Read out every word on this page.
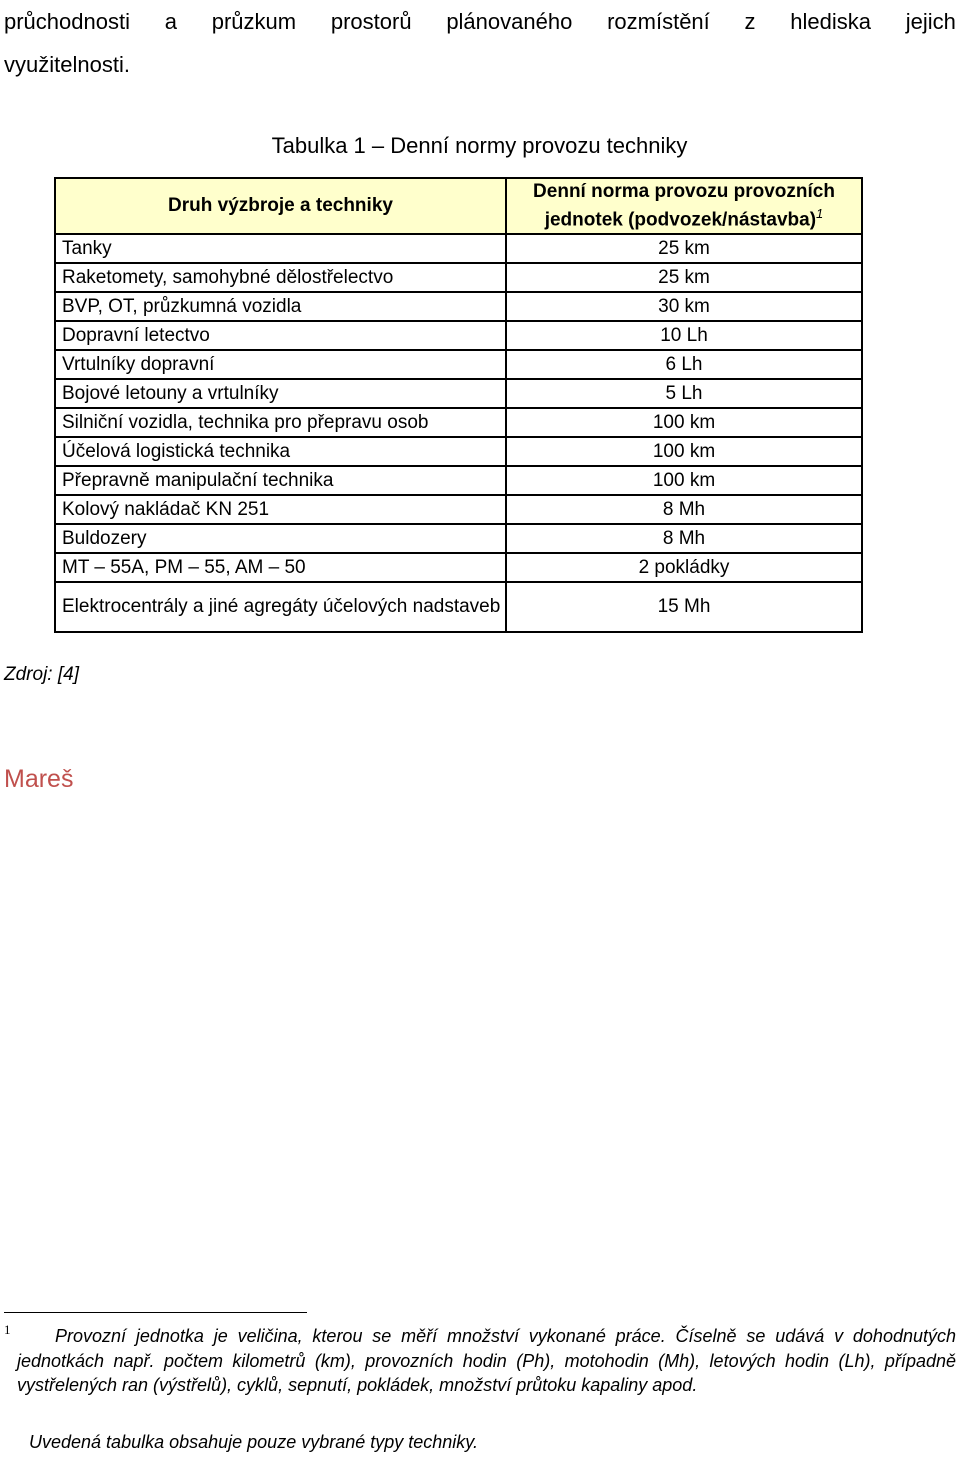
průchodnosti a průzkum prostorů plánovaného rozmístění z hlediska jejich
využitelnosti.
Tabulka 1 – Denní normy provozu techniky
Druh výzbroje a techniky	Denní norma provozu provozních jednotek (podvozek/nástavba)$^1$
Tanky	25 km
Raketomety, samohybné dělostřelectvo	25 km
BVP, OT, průzkumná vozidla	30 km
Dopravní letectvo	10 Lh
Vrtulníky dopravní	6 Lh
Bojové letouny a vrtulníky	5 Lh
Silniční vozidla, technika pro přepravu osob	100 km
Účelová logistická technika	100 km
Přepravně manipulační technika	100 km
Kolový nakládač KN 251	8 Mh
Buldozery	8 Mh
MT – 55A, PM – 55, AM – 50	2 pokládky
Elektrocentrály a jiné agregáty účelových nadstaveb	15 Mh
Zdroj: [4]
Mareš
1	Provozní jednotka je veličina, kterou se měří množství vykonané práce. Číselně se udává v dohodnutých jednotkách např. počtem kilometrů (km), provozních hodin (Ph), motohodin (Mh), letových hodin (Lh), případně vystřelených ran (výstřelů), cyklů, sepnutí, pokládek, množství průtoku kapaliny apod.
Uvedená tabulka obsahuje pouze vybrané typy techniky.
